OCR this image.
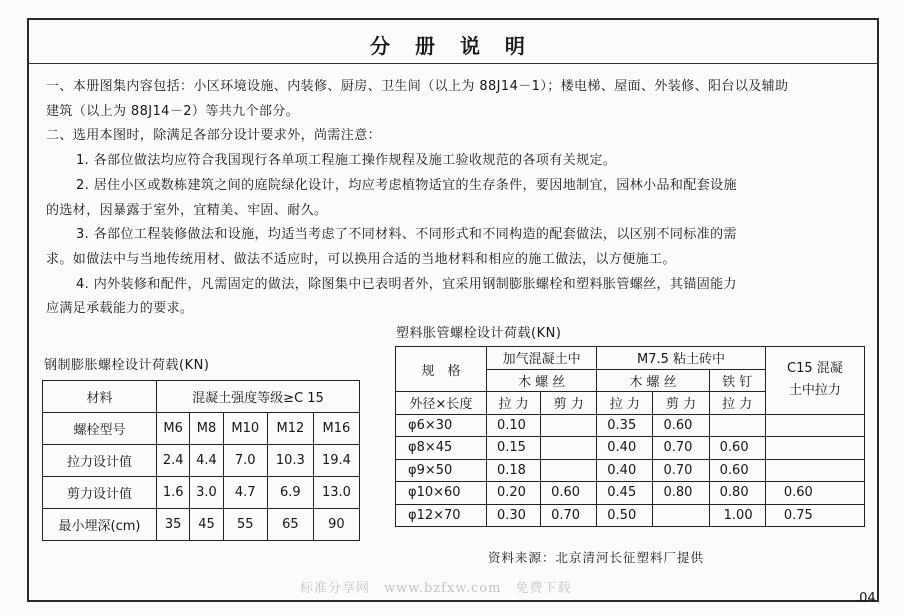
分 册 说 明
一、本册图集内容包括：小区环境设施、内装修、厨房、卫生间（以上为 88J14－1）；楼电梯、屋面、外装修、阳台以及辅助
建筑（以上为 88J14－2）等共九个部分。
二、选用本图时，除满足各部分设计要求外，尚需注意：
1. 各部位做法均应符合我国现行各单项工程施工操作规程及施工验收规范的各项有关规定。
2. 居住小区或数栋建筑之间的庭院绿化设计，均应考虑植物适宜的生存条件，要因地制宜，园林小品和配套设施
的选材，因暴露于室外，宜精美、牢固、耐久。
3. 各部位工程装修做法和设施，均适当考虑了不同材料、不同形式和不同构造的配套做法，以区别不同标准的需
求。如做法中与当地传统用材、做法不适应时，可以换用合适的当地材料和相应的施工做法，以方便施工。
4. 内外装修和配件，凡需固定的做法，除图集中已表明者外，宜采用钢制膨胀螺栓和塑料胀管螺丝，其锚固能力
应满足承载能力的要求。
钢制膨胀螺栓设计荷载(KN)
材料	混凝土强度等级≥C 15				
螺栓型号	M6	M8	M10	M12	M16
拉力设计值	2.4	4.4	7.0	10.3	19.4
剪力设计值	1.6	3.0	4.7	6.9	13.0
最小埋深(cm)	35	45	55	65	90
塑料胀管螺栓设计荷载(KN)
规　格	加气混凝土中		M7.5 粘土砖中			C15 混凝
土中拉力
	木 螺 丝		木 螺 丝		铁 钉	
外径×长度	拉 力	剪 力	拉 力	剪 力	拉 力	
φ6×30	0.10		0.35	0.60		
φ8×45	0.15		0.40	0.70	0.60	
φ9×50	0.18		0.40	0.70	0.60	
φ10×60	0.20	0.60	0.45	0.80	0.80	0.60
φ12×70	0.30	0.70	0.50		1.00	0.75
资料来源：北京清河长征塑料厂提供
标准分享网　www.bzfxw.com　免费下载
.04
